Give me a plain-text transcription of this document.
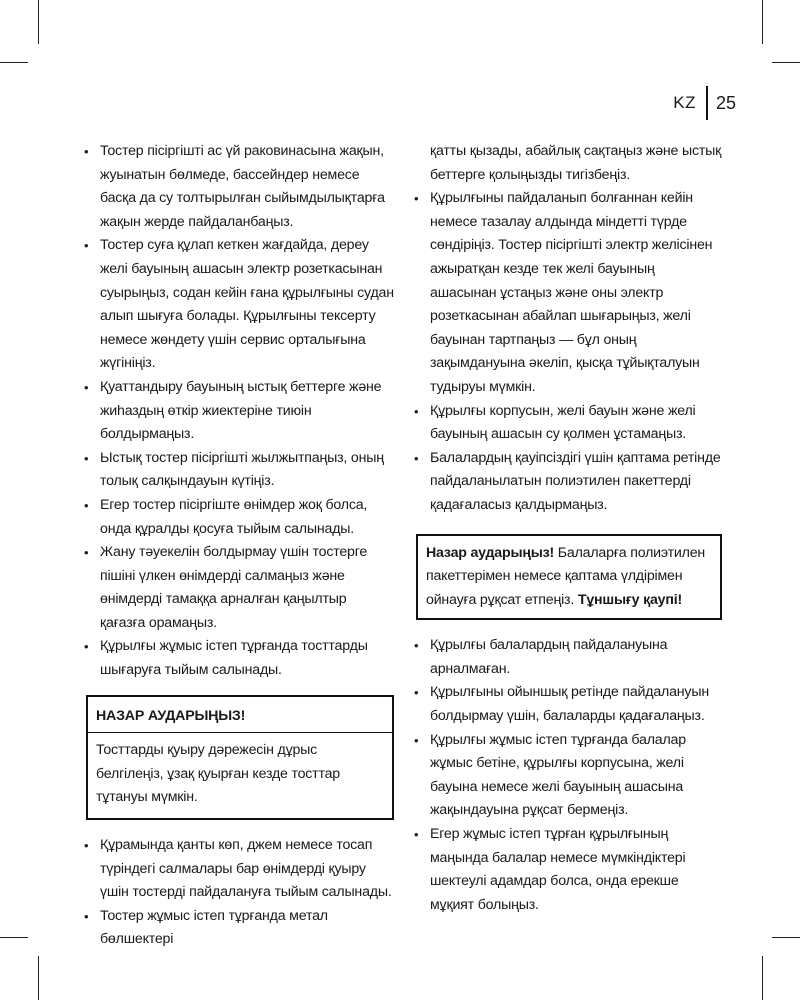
KZ	25
• Тостер пісіргішті ас үй раковинасына жақын, жуынатын бөлмеде, бассейндер немесе басқа да су толтырылған сыйымдылықтарға жақын жерде пайдаланбаңыз.
• Тостер суға құлап кеткен жағдайда, дереу желі бауының ашасын электр розеткасынан суырыңыз, содан кейін ғана құрылғыны судан алып шығуға болады. Құрылғыны тексерту немесе жөндету үшін сервис орталығына жүгініңіз.
• Қуаттандыру бауының ыстық беттерге және жиһаздың өткір жиектеріне тиюін болдырмаңыз.
• Ыстық тостер пісіргішті жылжытпаңыз, оның толық салқындауын күтіңіз.
• Егер тостер пісіргіште өнімдер жоқ болса, онда құралды қосуға тыйым салынады.
• Жану тәуекелін болдырмау үшін тостерге пішіні үлкен өнімдерді салмаңыз және өнімдерді тамаққа арналған қаңылтыр қағазға орамаңыз.
• Құрылғы жұмыс істеп тұрғанда тосттарды шығаруға тыйым салынады.
НАЗАР АУДАРЫҢЫЗ!
Тосттарды қуыру дәрежесін дұрыс белгілеңіз, ұзақ қуырған кезде тосттар тұтануы мүмкін.
• Құрамында қанты көп, джем немесе тосап түріндегі салмалары бар өнімдерді қуыру үшін тостерді пайдалануға тыйым салынады.
• Тостер жұмыс істеп тұрғанда метал бөлшектері
қатты қызады, абайлық сақтаңыз және ыстық беттерге қолыңызды тигізбеңіз.
• Құрылғыны пайдаланып болғаннан кейін немесе тазалау алдында міндетті түрде сөндіріңіз. Тостер пісіргішті электр желісінен ажыратқан кезде тек желі бауының ашасынан ұстаңыз және оны электр розеткасынан абайлап шығарыңыз, желі бауынан тартпаңыз — бұл оның зақымдануына әкеліп, қысқа тұйықталуын тудыруы мүмкін.
• Құрылғы корпусын, желі бауын және желі бауының ашасын су қолмен ұстамаңыз.
• Балалардың қауіпсіздігі үшін қаптама ретінде пайдаланылатын полиэтилен пакеттерді қадағаласыз қалдырмаңыз.
Назар аударыңыз! Балаларға полиэтилен пакеттерімен немесе қаптама үлдірімен ойнауға рұқсат етпеңіз. Тұншығу қаупі!
• Құрылғы балалардың пайдалануына арналмаған.
• Құрылғыны ойыншық ретінде пайдалануын болдырмау үшін, балаларды қадағалаңыз.
• Құрылғы жұмыс істеп тұрғанда балалар жұмыс бетіне, құрылғы корпусына, желі бауына немесе желі бауының ашасына жақындауына рұқсат бермеңіз.
• Егер жұмыс істеп тұрған құрылғының маңында балалар немесе мүмкіндіктері шектеулі адамдар болса, онда ерекше мұқият болыңыз.
